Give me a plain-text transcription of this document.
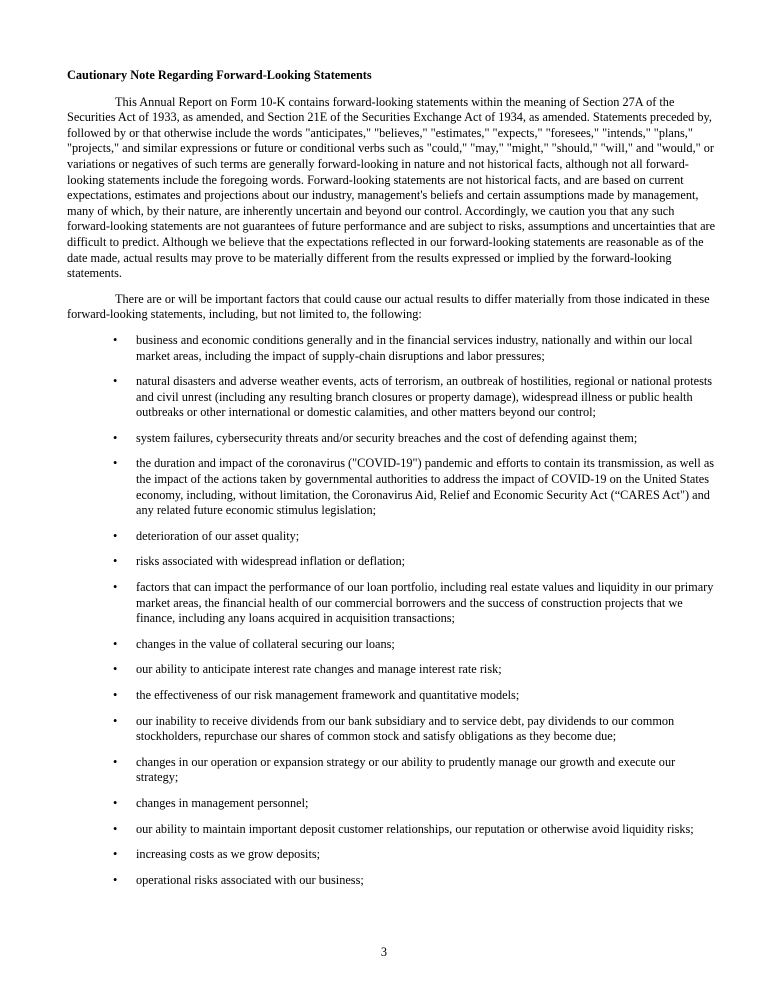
Cautionary Note Regarding Forward-Looking Statements

This Annual Report on Form 10-K contains forward-looking statements within the meaning of Section 27A of the Securities Act of 1933, as amended, and Section 21E of the Securities Exchange Act of 1934, as amended. Statements preceded by, followed by or that otherwise include the words "anticipates," "believes," "estimates," "expects," "foresees," "intends," "plans," "projects," and similar expressions or future or conditional verbs such as "could," "may," "might," "should," "will," and "would," or variations or negatives of such terms are generally forward-looking in nature and not historical facts, although not all forward-looking statements include the foregoing words. Forward-looking statements are not historical facts, and are based on current expectations, estimates and projections about our industry, management's beliefs and certain assumptions made by management, many of which, by their nature, are inherently uncertain and beyond our control. Accordingly, we caution you that any such forward-looking statements are not guarantees of future performance and are subject to risks, assumptions and uncertainties that are difficult to predict. Although we believe that the expectations reflected in our forward-looking statements are reasonable as of the date made, actual results may prove to be materially different from the results expressed or implied by the forward-looking statements.

There are or will be important factors that could cause our actual results to differ materially from those indicated in these forward-looking statements, including, but not limited to, the following:

• business and economic conditions generally and in the financial services industry, nationally and within our local market areas, including the impact of supply-chain disruptions and labor pressures;
• natural disasters and adverse weather events, acts of terrorism, an outbreak of hostilities, regional or national protests and civil unrest (including any resulting branch closures or property damage), widespread illness or public health outbreaks or other international or domestic calamities, and other matters beyond our control;
• system failures, cybersecurity threats and/or security breaches and the cost of defending against them;
• the duration and impact of the coronavirus ("COVID-19") pandemic and efforts to contain its transmission, as well as the impact of the actions taken by governmental authorities to address the impact of COVID-19 on the United States economy, including, without limitation, the Coronavirus Aid, Relief and Economic Security Act (“CARES Act") and any related future economic stimulus legislation;
• deterioration of our asset quality;
• risks associated with widespread inflation or deflation;
• factors that can impact the performance of our loan portfolio, including real estate values and liquidity in our primary market areas, the financial health of our commercial borrowers and the success of construction projects that we finance, including any loans acquired in acquisition transactions;
• changes in the value of collateral securing our loans;
• our ability to anticipate interest rate changes and manage interest rate risk;
• the effectiveness of our risk management framework and quantitative models;
• our inability to receive dividends from our bank subsidiary and to service debt, pay dividends to our common stockholders, repurchase our shares of common stock and satisfy obligations as they become due;
• changes in our operation or expansion strategy or our ability to prudently manage our growth and execute our strategy;
• changes in management personnel;
• our ability to maintain important deposit customer relationships, our reputation or otherwise avoid liquidity risks;
• increasing costs as we grow deposits;
• operational risks associated with our business;
3
